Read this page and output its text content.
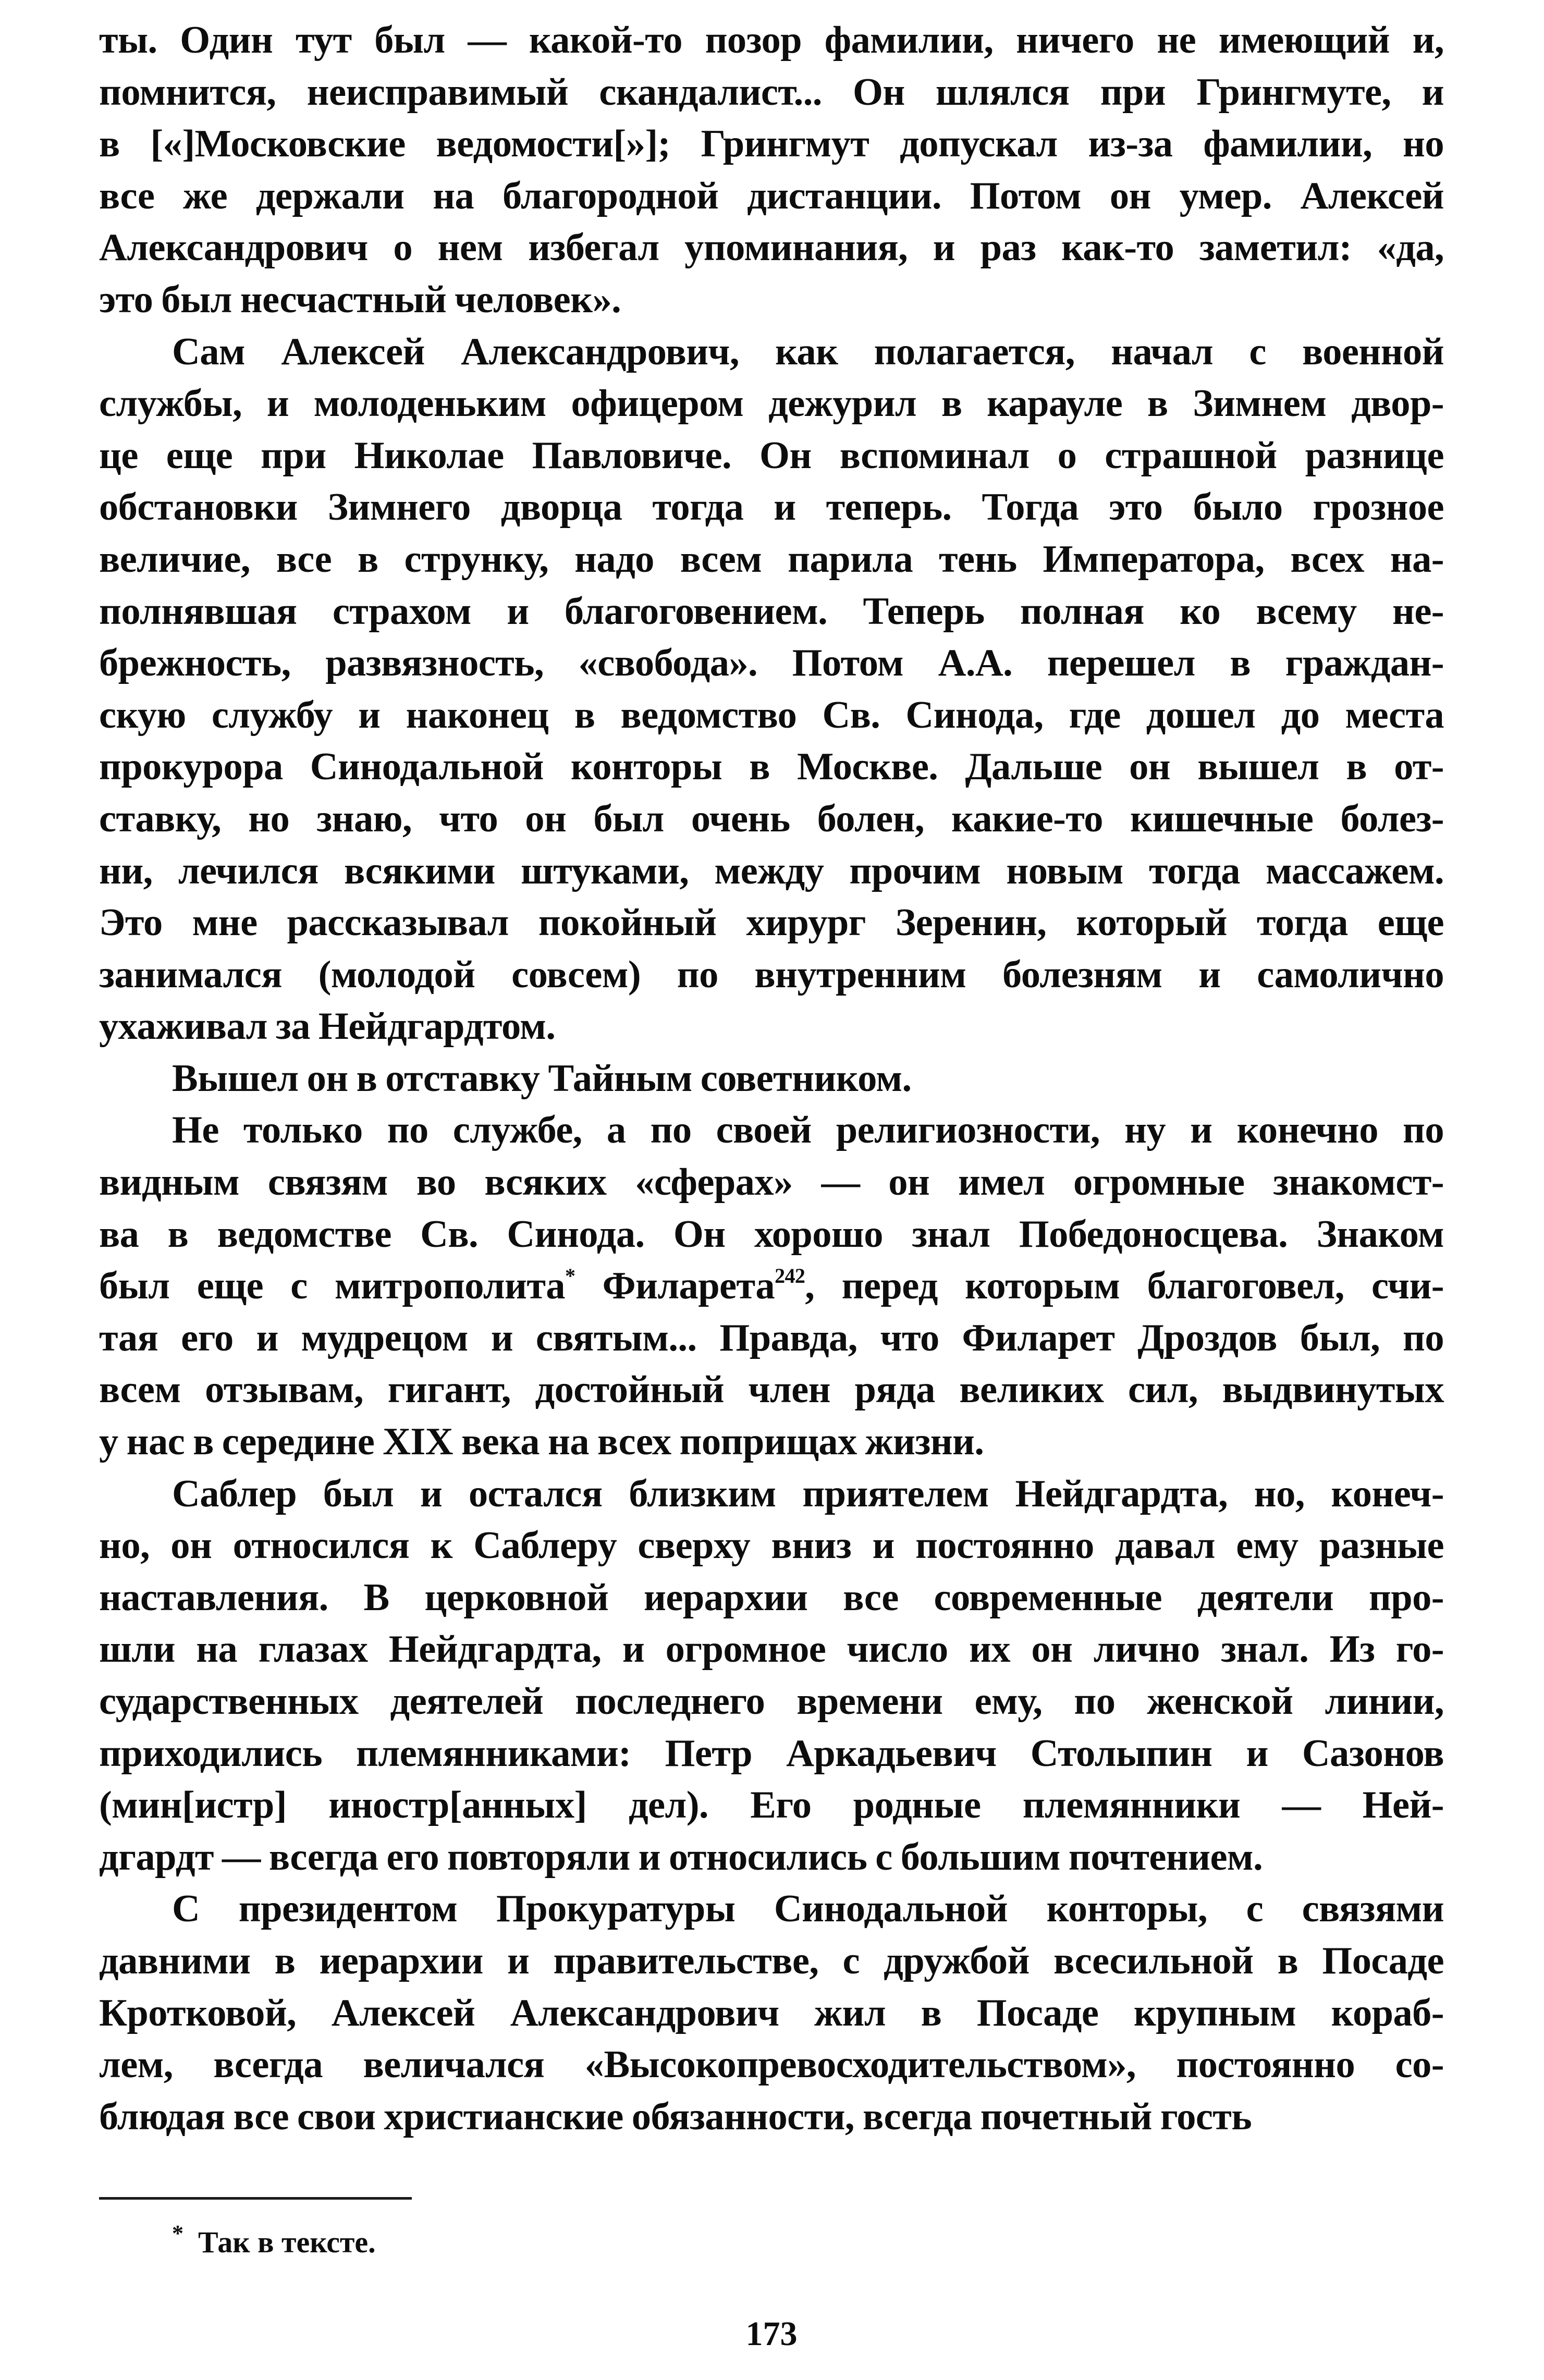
ты. Один тут был — какой-то позор фамилии, ничего не имеющий и,
помнится, неисправимый скандалист... Он шлялся при Грингмуте, и
в [«]Московские ведомости[»]; Грингмут допускал из-за фамилии, но
все же держали на благородной дистанции. Потом он умер. Алексей
Александрович о нем избегал упоминания, и раз как-то заметил: «да,
это был несчастный человек».
Сам Алексей Александрович, как полагается, начал с военной
службы, и молоденьким офицером дежурил в карауле в Зимнем двор-
це еще при Николае Павловиче. Он вспоминал о страшной разнице
обстановки Зимнего дворца тогда и теперь. Тогда это было грозное
величие, все в струнку, надо всем парила тень Императора, всех на-
полнявшая страхом и благоговением. Теперь полная ко всему не-
брежность, развязность, «свобода». Потом А.А. перешел в граждан-
скую службу и наконец в ведомство Св. Синода, где дошел до места
прокурора Синодальной конторы в Москве. Дальше он вышел в от-
ставку, но знаю, что он был очень болен, какие-то кишечные болез-
ни, лечился всякими штуками, между прочим новым тогда массажем.
Это мне рассказывал покойный хирург Зеренин, который тогда еще
занимался (молодой совсем) по внутренним болезням и самолично
ухаживал за Нейдгардтом.
Вышел он в отставку Тайным советником.
Не только по службе, а по своей религиозности, ну и конечно по
видным связям во всяких «сферах» — он имел огромные знакомст-
ва в ведомстве Св. Синода. Он хорошо знал Победоносцева. Знаком
был еще с митрополита* Филарета$^{242}$, перед которым благоговел, счи-
тая его и мудрецом и святым... Правда, что Филарет Дроздов был, по
всем отзывам, гигант, достойный член ряда великих сил, выдвинутых
у нас в середине XIX века на всех поприщах жизни.
Саблер был и остался близким приятелем Нейдгардта, но, конеч-
но, он относился к Саблеру сверху вниз и постоянно давал ему разные
наставления. В церковной иерархии все современные деятели про-
шли на глазах Нейдгардта, и огромное число их он лично знал. Из го-
сударственных деятелей последнего времени ему, по женской линии,
приходились племянниками: Петр Аркадьевич Столыпин и Сазонов
(мин[истр] иностр[анных] дел). Его родные племянники — Ней-
дгардт — всегда его повторяли и относились с большим почтением.
С президентом Прокуратуры Синодальной конторы, с связями
давними в иерархии и правительстве, с дружбой всесильной в Посаде
Кротковой, Алексей Александрович жил в Посаде крупным кораб-
лем, всегда величался «Высокопревосходительством», постоянно со-
блюдая все свои христианские обязанности, всегда почетный гость
* Так в тексте.
173
